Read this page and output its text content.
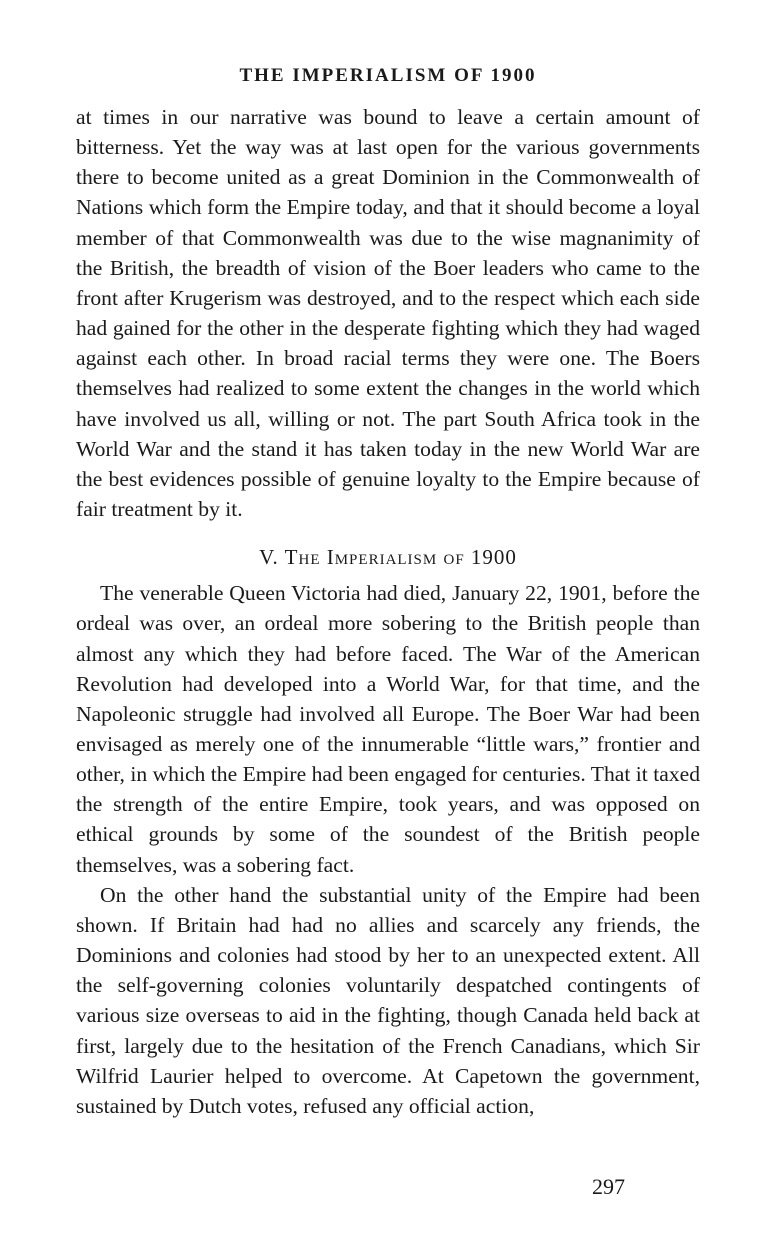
THE IMPERIALISM OF 1900

at times in our narrative was bound to leave a certain amount of bitterness. Yet the way was at last open for the various governments there to become united as a great Dominion in the Commonwealth of Nations which form the Empire today, and that it should become a loyal member of that Commonwealth was due to the wise magnanimity of the British, the breadth of vision of the Boer leaders who came to the front after Krugerism was destroyed, and to the respect which each side had gained for the other in the desperate fighting which they had waged against each other. In broad racial terms they were one. The Boers themselves had realized to some extent the changes in the world which have involved us all, willing or not. The part South Africa took in the World War and the stand it has taken today in the new World War are the best evidences possible of genuine loyalty to the Empire because of fair treatment by it.

V. The Imperialism of 1900

The venerable Queen Victoria had died, January 22, 1901, before the ordeal was over, an ordeal more sobering to the British people than almost any which they had before faced. The War of the American Revolution had developed into a World War, for that time, and the Napoleonic struggle had involved all Europe. The Boer War had been envisaged as merely one of the innumerable “little wars,” frontier and other, in which the Empire had been engaged for centuries. That it taxed the strength of the entire Empire, took years, and was opposed on ethical grounds by some of the soundest of the British people themselves, was a sobering fact.

On the other hand the substantial unity of the Empire had been shown. If Britain had had no allies and scarcely any friends, the Dominions and colonies had stood by her to an unexpected extent. All the self-governing colonies voluntarily despatched contingents of various size overseas to aid in the fighting, though Canada held back at first, largely due to the hesitation of the French Canadians, which Sir Wilfrid Laurier helped to overcome. At Capetown the government, sustained by Dutch votes, refused any official action,

297
